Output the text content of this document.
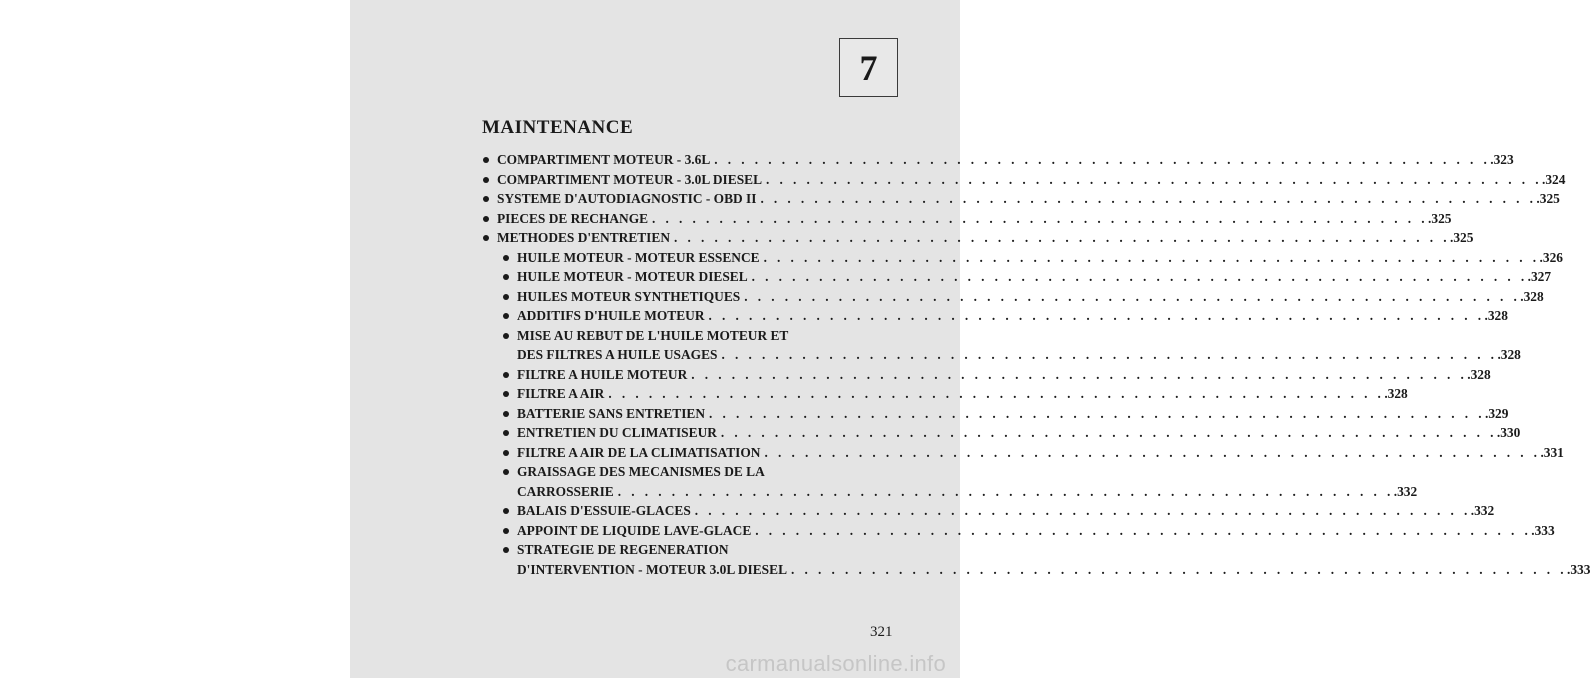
7
MAINTENANCE
COMPARTIMENT MOTEUR - 3.6L . . . . . . . . . . . . . . . . . . . . . . . . . . . . . . . . . . . . . . . . . . . . . . . . . . . . . . . . . . .323
COMPARTIMENT MOTEUR - 3.0L DIESEL . . . . . . . . . . . . . . . . . . . . . . . . . . . . . . . . . . . . . . . . . . . . . . . . . . . . . . . . . . .324
SYSTEME D'AUTODIAGNOSTIC - OBD II . . . . . . . . . . . . . . . . . . . . . . . . . . . . . . . . . . . . . . . . . . . . . . . . . . . . . . . . . . .325
PIECES DE RECHANGE . . . . . . . . . . . . . . . . . . . . . . . . . . . . . . . . . . . . . . . . . . . . . . . . . . . . . . . . . . .325
METHODES D'ENTRETIEN . . . . . . . . . . . . . . . . . . . . . . . . . . . . . . . . . . . . . . . . . . . . . . . . . . . . . . . . . . .325
HUILE MOTEUR - MOTEUR ESSENCE . . . . . . . . . . . . . . . . . . . . . . . . . . . . . . . . . . . . . . . . . . . . . . . . . . . . . . . . . . .326
HUILE MOTEUR - MOTEUR DIESEL . . . . . . . . . . . . . . . . . . . . . . . . . . . . . . . . . . . . . . . . . . . . . . . . . . . . . . . . . . .327
HUILES MOTEUR SYNTHETIQUES . . . . . . . . . . . . . . . . . . . . . . . . . . . . . . . . . . . . . . . . . . . . . . . . . . . . . . . . . . .328
ADDITIFS D'HUILE MOTEUR . . . . . . . . . . . . . . . . . . . . . . . . . . . . . . . . . . . . . . . . . . . . . . . . . . . . . . . . . . .328
MISE AU REBUT DE L'HUILE MOTEUR ET
DES FILTRES A HUILE USAGES . . . . . . . . . . . . . . . . . . . . . . . . . . . . . . . . . . . . . . . . . . . . . . . . . . . . . . . . . . .328
FILTRE A HUILE MOTEUR . . . . . . . . . . . . . . . . . . . . . . . . . . . . . . . . . . . . . . . . . . . . . . . . . . . . . . . . . . .328
FILTRE A AIR . . . . . . . . . . . . . . . . . . . . . . . . . . . . . . . . . . . . . . . . . . . . . . . . . . . . . . . . . . .328
BATTERIE SANS ENTRETIEN . . . . . . . . . . . . . . . . . . . . . . . . . . . . . . . . . . . . . . . . . . . . . . . . . . . . . . . . . . .329
ENTRETIEN DU CLIMATISEUR . . . . . . . . . . . . . . . . . . . . . . . . . . . . . . . . . . . . . . . . . . . . . . . . . . . . . . . . . . .330
FILTRE A AIR DE LA CLIMATISATION . . . . . . . . . . . . . . . . . . . . . . . . . . . . . . . . . . . . . . . . . . . . . . . . . . . . . . . . . . .331
GRAISSAGE DES MECANISMES DE LA
CARROSSERIE . . . . . . . . . . . . . . . . . . . . . . . . . . . . . . . . . . . . . . . . . . . . . . . . . . . . . . . . . . .332
BALAIS D'ESSUIE-GLACES . . . . . . . . . . . . . . . . . . . . . . . . . . . . . . . . . . . . . . . . . . . . . . . . . . . . . . . . . . .332
APPOINT DE LIQUIDE LAVE-GLACE . . . . . . . . . . . . . . . . . . . . . . . . . . . . . . . . . . . . . . . . . . . . . . . . . . . . . . . . . . .333
STRATEGIE DE REGENERATION
D'INTERVENTION - MOTEUR 3.0L DIESEL . . . . . . . . . . . . . . . . . . . . . . . . . . . . . . . . . . . . . . . . . . . . . . . . . . . . . . . . . . .333
321
carmanualsonline.info
